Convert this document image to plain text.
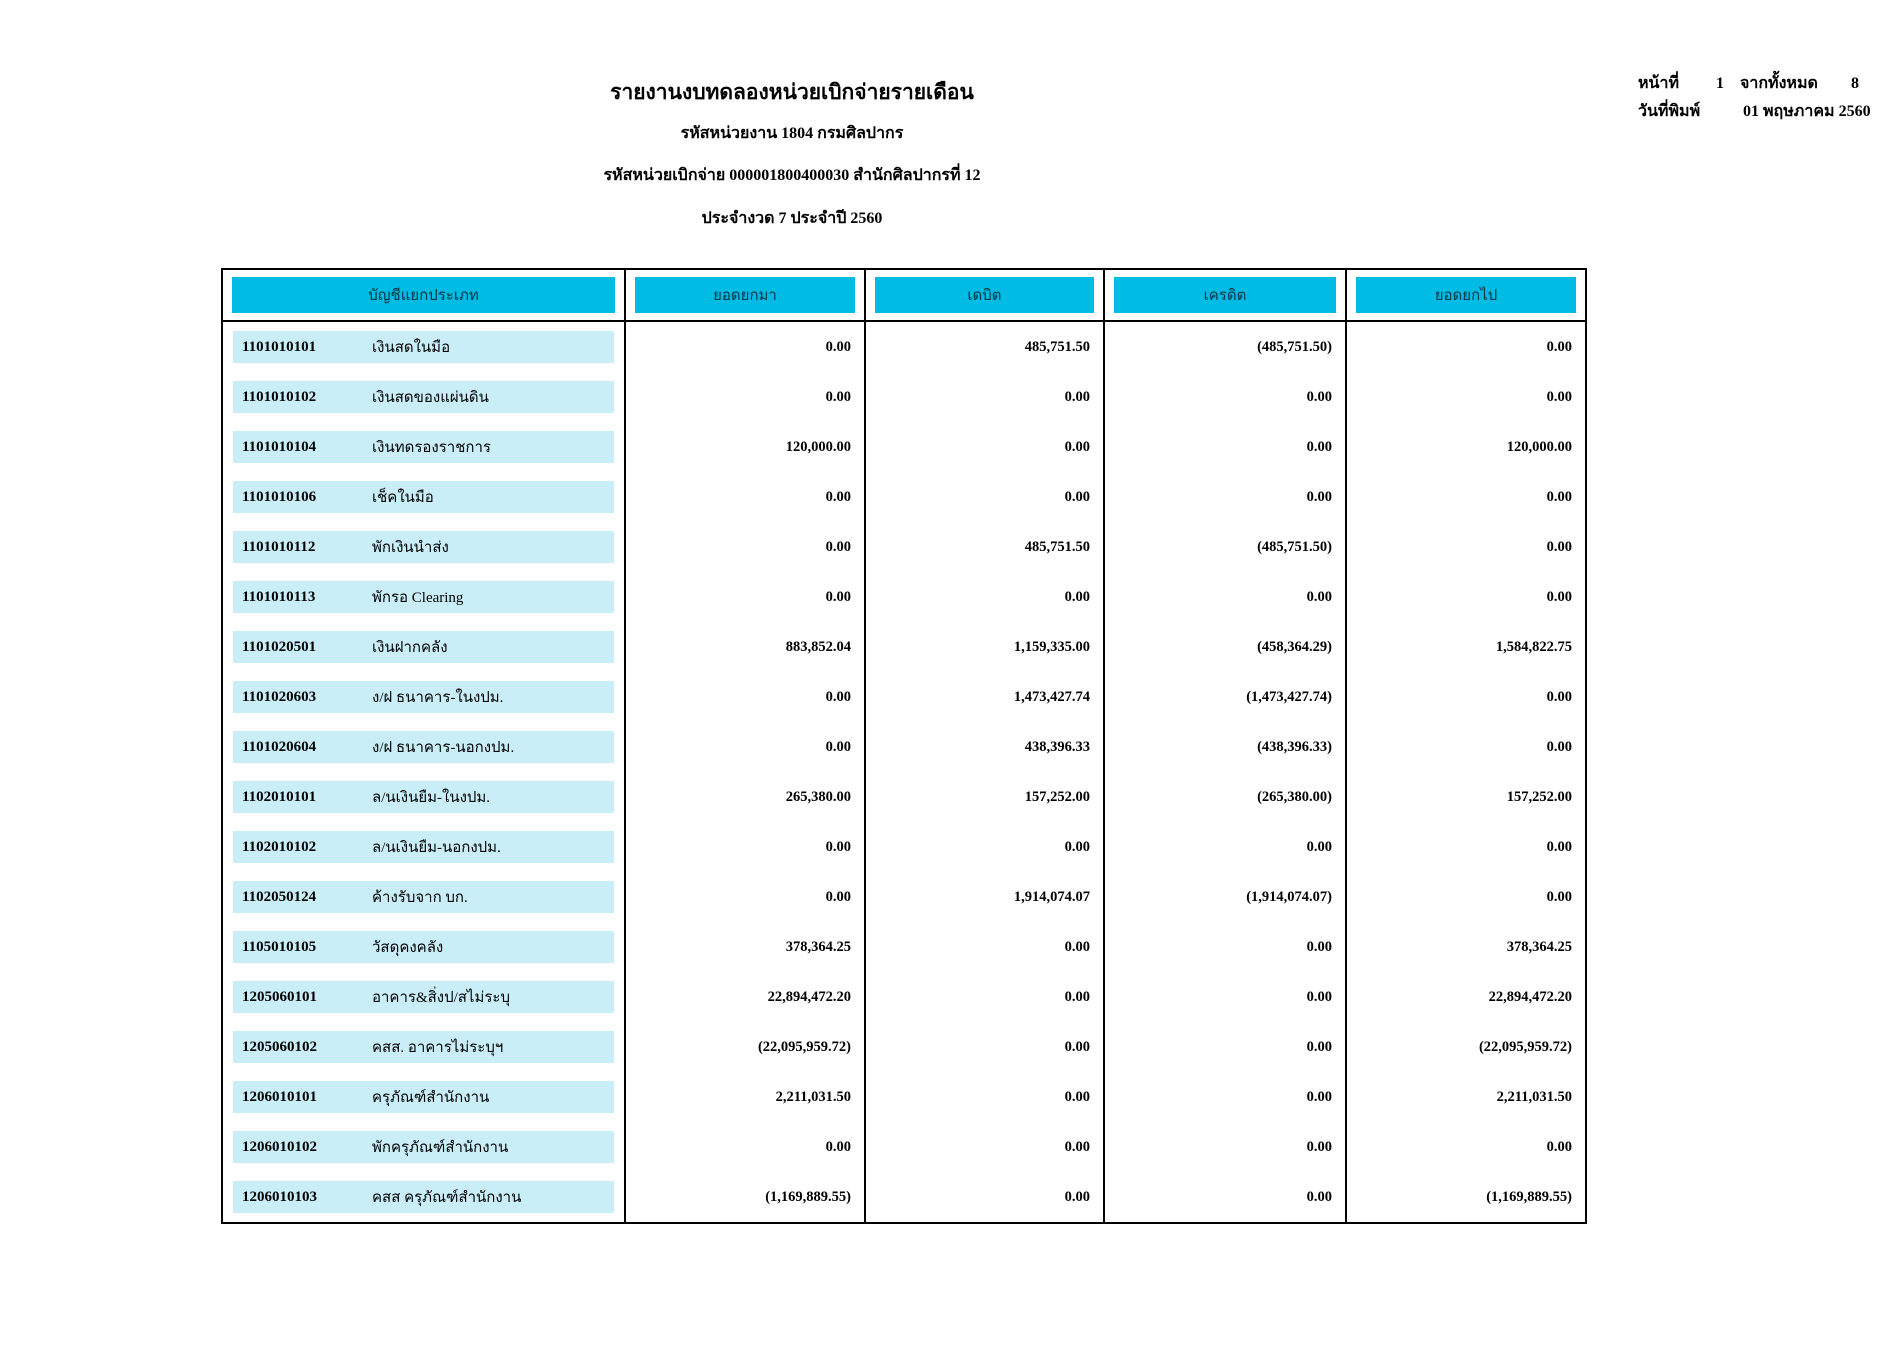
หน้าที่ 1 จากทั้งหมด 8
วันที่พิมพ์	01 พฤษภาคม 2560
รายงานงบทดลองหน่วยเบิกจ่ายรายเดือน
รหัสหน่วยงาน 1804 กรมศิลปากร
รหัสหน่วยเบิกจ่าย 000001800400030 สำนักศิลปากรที่ 12
ประจำงวด 7 ประจำปี 2560
บัญชีแยกประเภท	ยอดยกมา	เดบิต	เครดิต	ยอดยกไป
1101010101	เงินสดในมือ	0.00	485,751.50	(485,751.50)	0.00
1101010102	เงินสดของแผ่นดิน	0.00	0.00	0.00	0.00
1101010104	เงินทดรองราชการ	120,000.00	0.00	0.00	120,000.00
1101010106	เช็คในมือ	0.00	0.00	0.00	0.00
1101010112	พักเงินนำส่ง	0.00	485,751.50	(485,751.50)	0.00
1101010113	พักรอ Clearing	0.00	0.00	0.00	0.00
1101020501	เงินฝากคลัง	883,852.04	1,159,335.00	(458,364.29)	1,584,822.75
1101020603	ง/ฝ ธนาคาร-ในงปม.	0.00	1,473,427.74	(1,473,427.74)	0.00
1101020604	ง/ฝ ธนาคาร-นอกงปม.	0.00	438,396.33	(438,396.33)	0.00
1102010101	ล/นเงินยืม-ในงปม.	265,380.00	157,252.00	(265,380.00)	157,252.00
1102010102	ล/นเงินยืม-นอกงปม.	0.00	0.00	0.00	0.00
1102050124	ค้างรับจาก บก.	0.00	1,914,074.07	(1,914,074.07)	0.00
1105010105	วัสดุคงคลัง	378,364.25	0.00	0.00	378,364.25
1205060101	อาคาร&สิ่งป/สไม่ระบุ	22,894,472.20	0.00	0.00	22,894,472.20
1205060102	คสส. อาคารไม่ระบุฯ	(22,095,959.72)	0.00	0.00	(22,095,959.72)
1206010101	ครุภัณฑ์สำนักงาน	2,211,031.50	0.00	0.00	2,211,031.50
1206010102	พักครุภัณฑ์สำนักงาน	0.00	0.00	0.00	0.00
1206010103	คสส ครุภัณฑ์สำนักงาน	(1,169,889.55)	0.00	0.00	(1,169,889.55)
